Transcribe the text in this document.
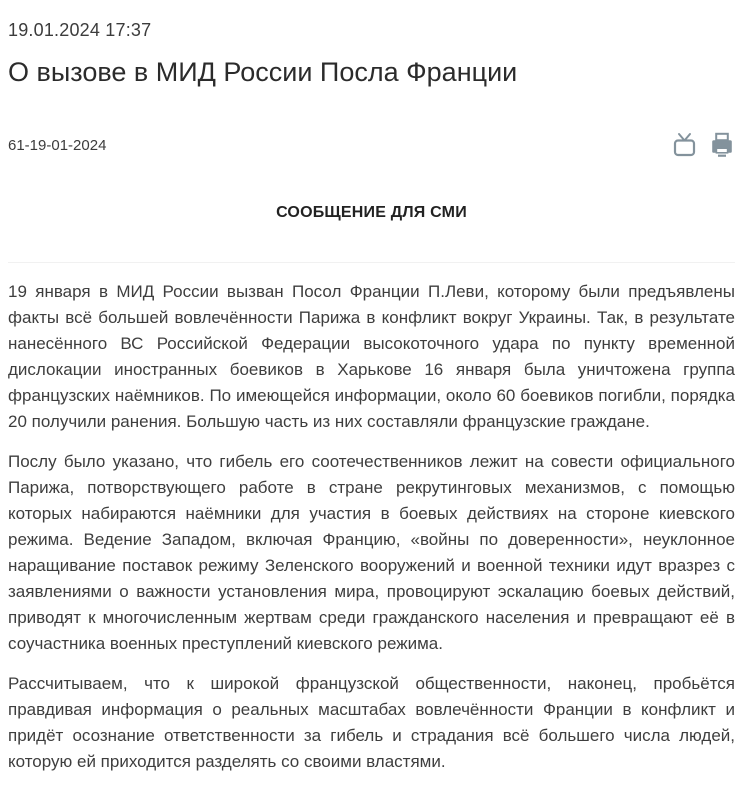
19.01.2024 17:37
О вызове в МИД России Посла Франции
61-19-01-2024
СООБЩЕНИЕ ДЛЯ СМИ

19 января в МИД России вызван Посол Франции П.Леви, которому были предъявлены факты всё большей вовлечённости Парижа в конфликт вокруг Украины. Так, в результате нанесённого ВС Российской Федерации высокоточного удара по пункту временной дислокации иностранных боевиков в Харькове 16 января была уничтожена группа французских наёмников. По имеющейся информации, около 60 боевиков погибли, порядка 20 получили ранения. Большую часть из них составляли французские граждане.

Послу было указано, что гибель его соотечественников лежит на совести официального Парижа, потворствующего работе в стране рекрутинговых механизмов, с помощью которых набираются наёмники для участия в боевых действиях на стороне киевского режима. Ведение Западом, включая Францию, «войны по доверенности», неуклонное наращивание поставок режиму Зеленского вооружений и военной техники идут вразрез с заявлениями о важности установления мира, провоцируют эскалацию боевых действий, приводят к многочисленным жертвам среди гражданского населения и превращают её в соучастника военных преступлений киевского режима.

Рассчитываем, что к широкой французской общественности, наконец, пробьётся правдивая информация о реальных масштабах вовлечённости Франции в конфликт и придёт осознание ответственности за гибель и страдания всё большего числа людей, которую ей приходится разделять со своими властями.
